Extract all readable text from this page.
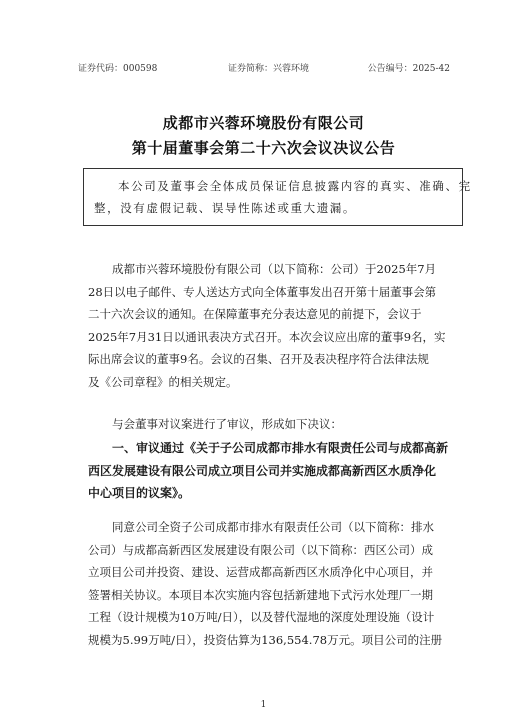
证券代码：000598	证券简称：兴蓉环境	公告编号：2025-42
成都市兴蓉环境股份有限公司
第十届董事会第二十六次会议决议公告
本公司及董事会全体成员保证信息披露内容的真实、准确、完
整，没有虚假记载、误导性陈述或重大遗漏。
成都市兴蓉环境股份有限公司（以下简称：公司）于2025年7月
28日以电子邮件、专人送达方式向全体董事发出召开第十届董事会第
二十六次会议的通知。在保障董事充分表达意见的前提下，会议于
2025年7月31日以通讯表决方式召开。本次会议应出席的董事9名，实
际出席会议的董事9名。会议的召集、召开及表决程序符合法律法规
及《公司章程》的相关规定。
与会董事对议案进行了审议，形成如下决议：
一、审议通过《关于子公司成都市排水有限责任公司与成都高新
西区发展建设有限公司成立项目公司并实施成都高新西区水质净化
中心项目的议案》。
同意公司全资子公司成都市排水有限责任公司（以下简称：排水
公司）与成都高新西区发展建设有限公司（以下简称：西区公司）成
立项目公司并投资、建设、运营成都高新西区水质净化中心项目，并
签署相关协议。本项目本次实施内容包括新建地下式污水处理厂一期
工程（设计规模为10万吨/日），以及替代湿地的深度处理设施（设计
规模为5.99万吨/日），投资估算为136,554.78万元。项目公司的注册
1
